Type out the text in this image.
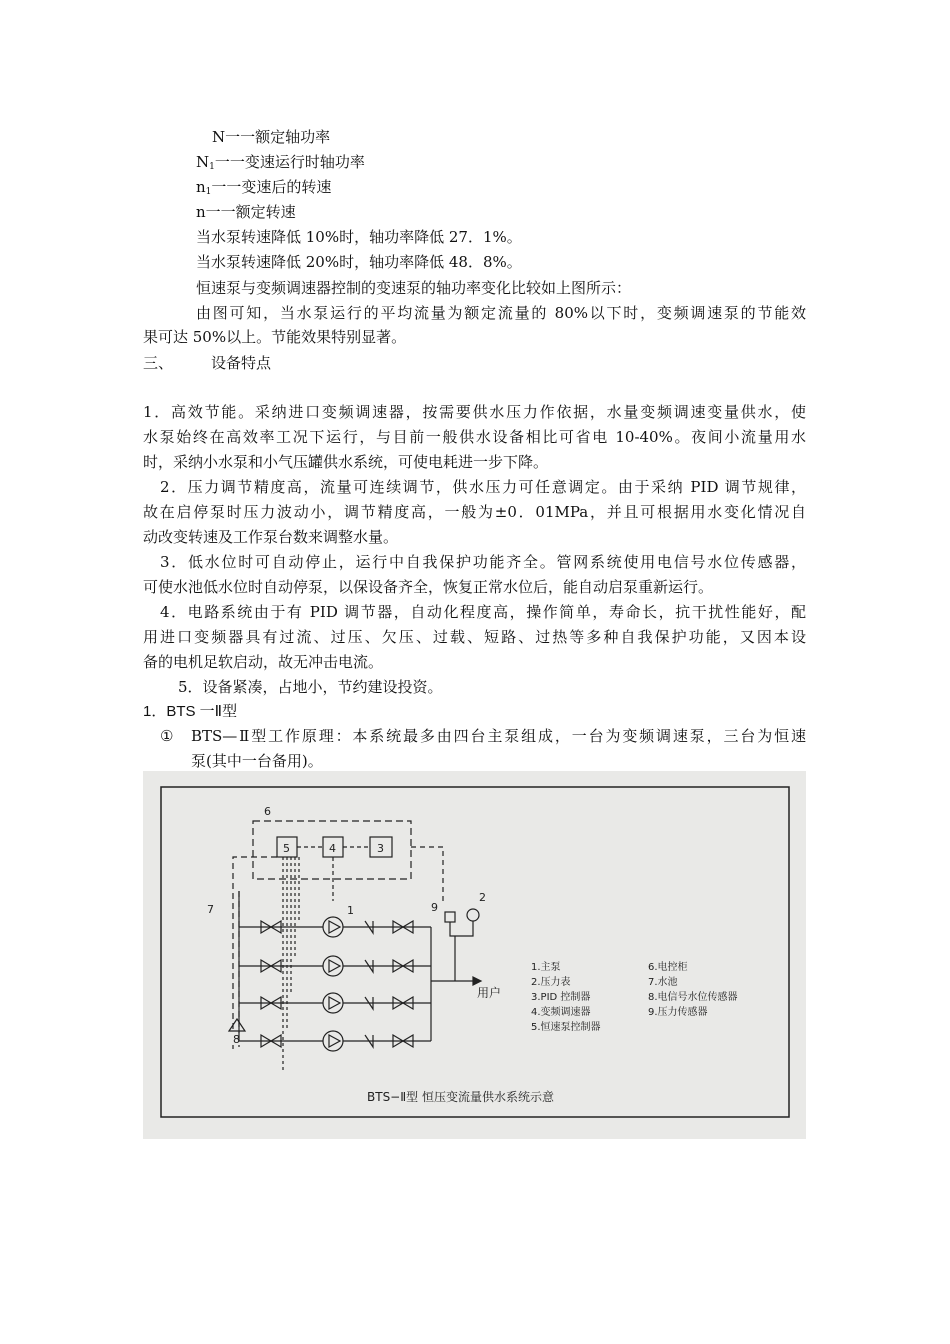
N一一额定轴功率
$N_1$一一变速运行时轴功率
$n_1$一一变速后的转速
n一一额定转速
当水泵转速降低 10%时，轴功率降低 27．1%。
当水泵转速降低 20%时，轴功率降低 48．8%。
恒速泵与变频调速器控制的变速泵的轴功率变化比较如上图所示：
由图可知，当水泵运行的平均流量为额定流量的 80%以下时，变频调速泵的节能效
果可达 50%以上。节能效果特别显著。
三、	设备特点
1．高效节能。采纳进口变频调速器，按需要供水压力作依据，水量变频调速变量供水，使
水泵始终在高效率工况下运行，与目前一般供水设备相比可省电 10-40%。夜间小流量用水
时，采纳小水泵和小气压罐供水系统，可使电耗进一步下降。
2．压力调节精度高，流量可连续调节，供水压力可任意调定。由于采纳 PID 调节规律，
故在启停泵时压力波动小，调节精度高，一般为±0．01MPa，并且可根据用水变化情况自
动改变转速及工作泵台数来调整水量。
3．低水位时可自动停止，运行中自我保护功能齐全。管网系统使用电信号水位传感器，
可使水池低水位时自动停泵，以保设备齐全，恢复正常水位后，能自动启泵重新运行。
4．电路系统由于有 PID 调节器，自动化程度高，操作简单，寿命长，抗干扰性能好，配
用进口变频器具有过流、过压、欠压、过载、短路、过热等多种自我保护功能，又因本设
备的电机足软启动，故无冲击电流。
5．设备紧凑，占地小，节约建设投资。
1．BTS 一Ⅱ型
① BTS—Ⅱ型工作原理：本系统最多由四台主泵组成，一台为变频调速泵，三台为恒速
泵(其中一台备用)。
6
5	4	3
1
2
9
7
8
用户
1.主泵
2.压力表
3.PID 控制器
4.变频调速器
5.恒速泵控制器
6.电控柜
7.水池
8.电信号水位传感器
9.压力传感器
BTS−Ⅱ型 恒压变流量供水系统示意
